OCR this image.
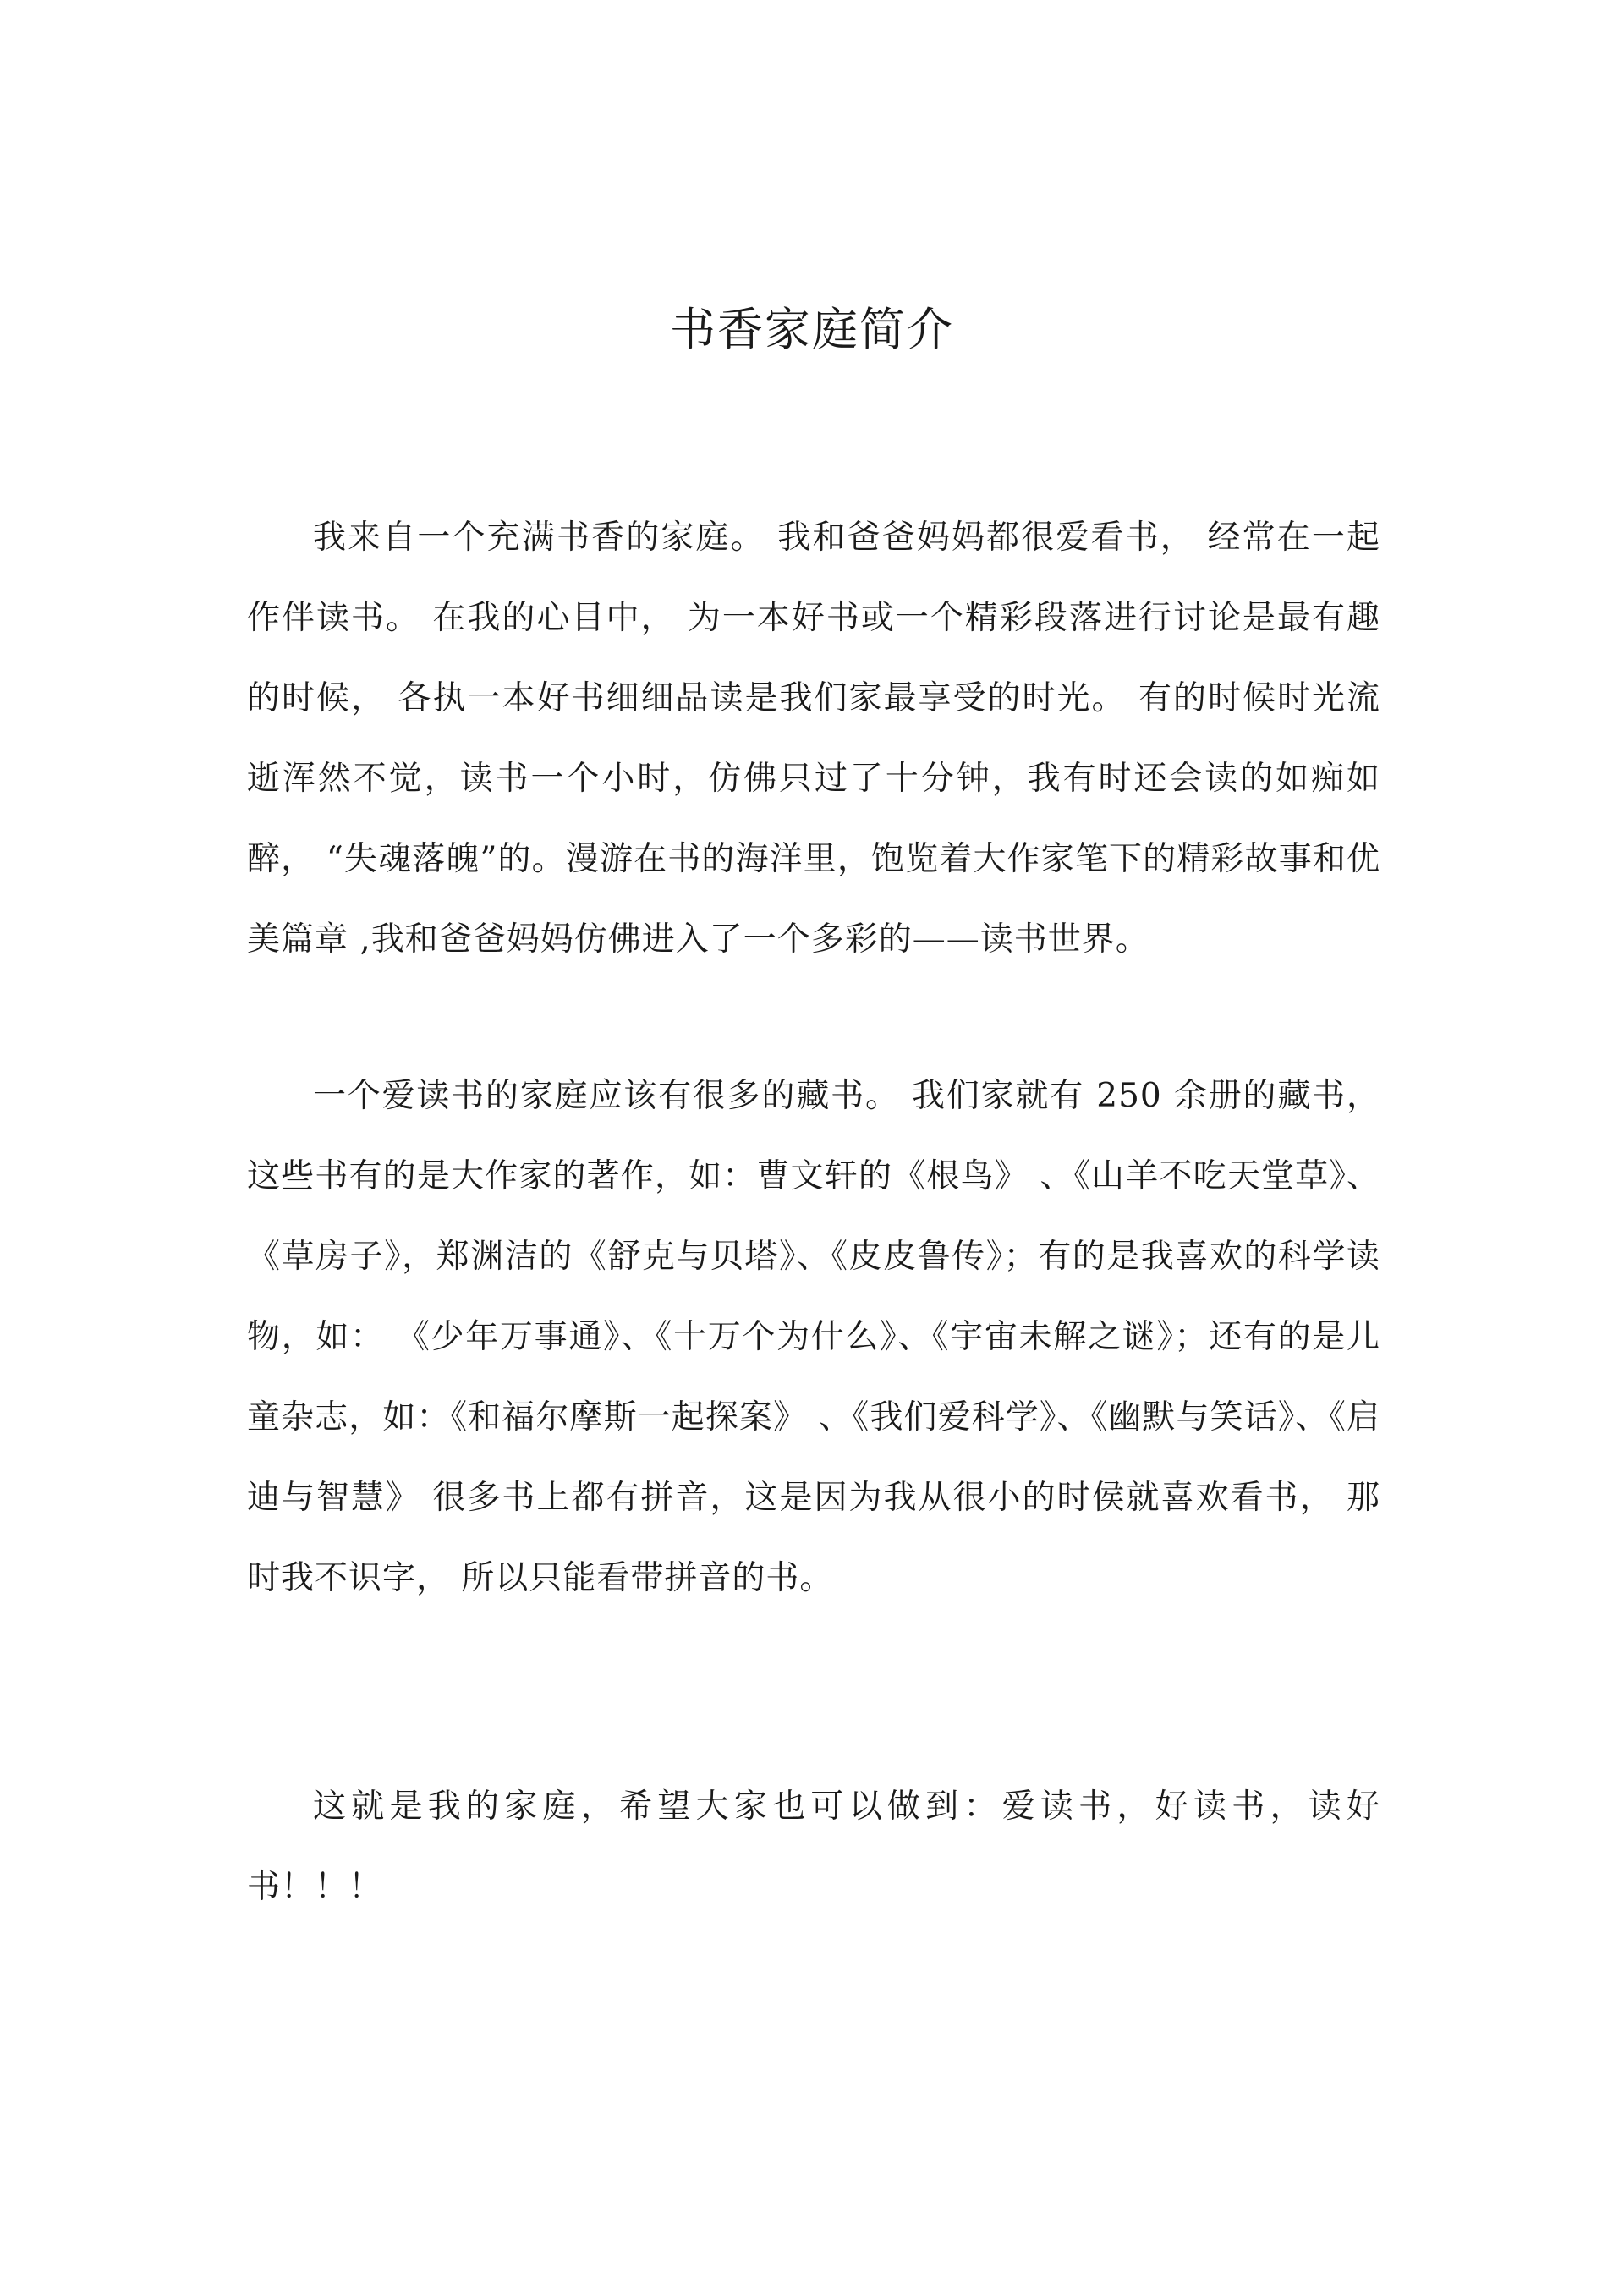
书香家庭简介

我来自一个充满书香的家庭。 我和爸爸妈妈都很爱看书， 经常在一起作伴读书。 在我的心目中， 为一本好书或一个精彩段落进行讨论是最有趣的时候， 各执一本好书细细品读是我们家最享受的时光。 有的时候时光流逝浑然不觉，读书一个小时，仿佛只过了十分钟，我有时还会读的如痴如醉， “失魂落魄”的。漫游在书的海洋里，饱览着大作家笔下的精彩故事和优美篇章 ,我和爸爸妈妈仿佛进入了一个多彩的——读书世界。

一个爱读书的家庭应该有很多的藏书。 我们家就有 250 余册的藏书，这些书有的是大作家的著作，如：曹文轩的《根鸟》 、《山羊不吃天堂草》、《草房子》，郑渊洁的《舒克与贝塔》、《皮皮鲁传》；有的是我喜欢的科学读物，如： 《少年万事通》、《十万个为什么》、《宇宙未解之谜》；还有的是儿童杂志，如：《和福尔摩斯一起探案》 、《我们爱科学》、《幽默与笑话》、《启迪与智慧》 很多书上都有拼音，这是因为我从很小的时侯就喜欢看书， 那时我不识字， 所以只能看带拼音的书。

这就是我的家庭，希望大家也可以做到：爱读书，好读书，读好书！！！
